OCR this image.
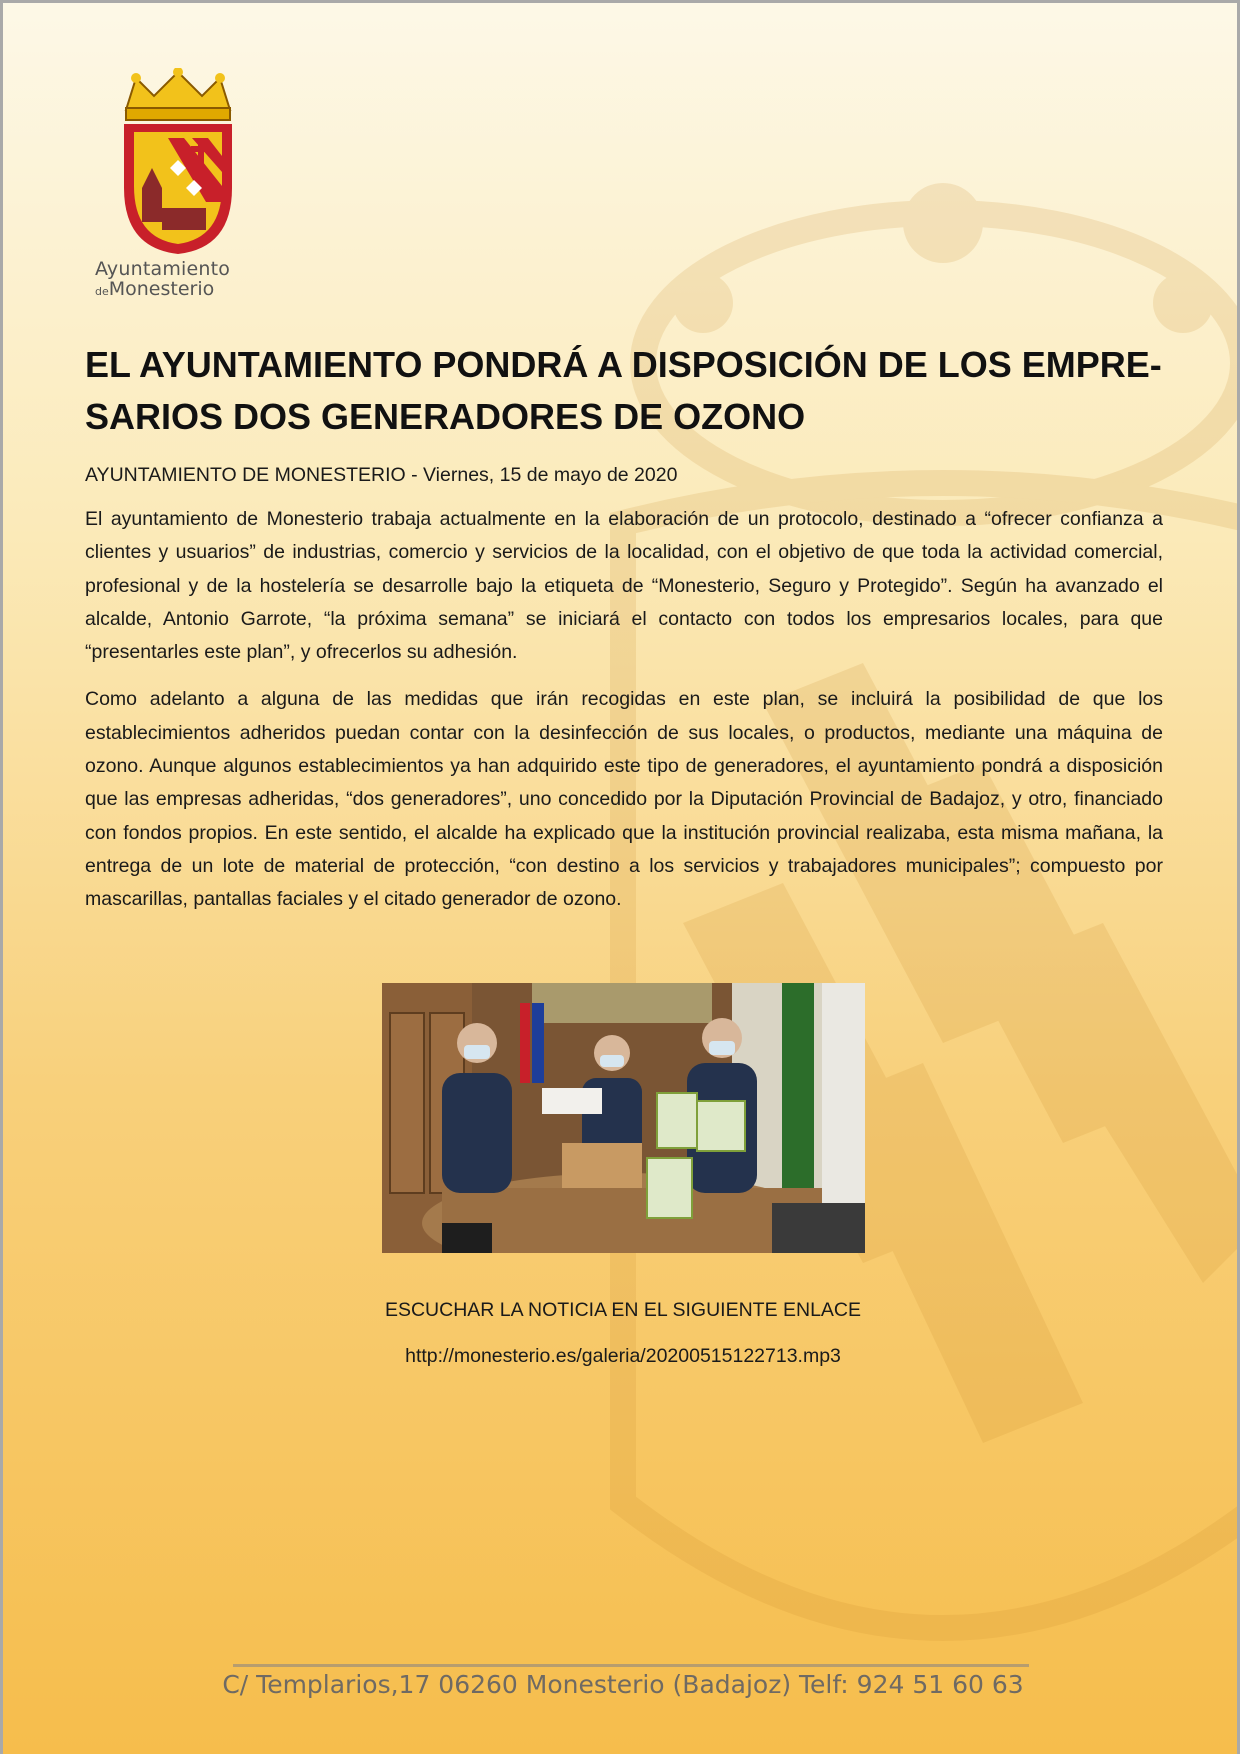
Ayuntamiento
deMonesterio
EL AYUNTAMIENTO PONDRÁ A DISPOSICIÓN DE LOS EMPRESARIOS DOS GENERADORES DE OZONO
AYUNTAMIENTO DE MONESTERIO - Viernes, 15 de mayo de 2020

El ayuntamiento de Monesterio trabaja actualmente en la elaboración de un protocolo, destinado a “ofrecer confianza a clientes y usuarios” de industrias, comercio y servicios de la localidad, con el objetivo de que toda la actividad comercial, profesional y de la hostelería se desarrolle bajo la etiqueta de “Monesterio, Seguro y Protegido”. Según ha avanzado el alcalde, Antonio Garrote, “la próxima semana” se iniciará el contacto con todos los empresarios locales, para que “presentarles este plan”, y ofrecerlos su adhesión.

Como adelanto a alguna de las medidas que irán recogidas en este plan, se incluirá la posibilidad de que los establecimientos adheridos puedan contar con la desinfección de sus locales, o productos, mediante una máquina de ozono. Aunque algunos establecimientos ya han adquirido este tipo de generadores, el ayuntamiento pondrá a disposición que las empresas adheridas, “dos generadores”, uno concedido por la Diputación Provincial de Badajoz, y otro, financiado con fondos propios. En este sentido, el alcalde ha explicado que la institución provincial realizaba, esta misma mañana, la entrega de un lote de material de protección, “con destino a los servicios y trabajadores municipales”; compuesto por mascarillas, pantallas faciales y el citado generador de ozono.

ESCUCHAR LA NOTICIA EN EL SIGUIENTE ENLACE
http://monesterio.es/galeria/20200515122713.mp3
C/ Templarios,17 06260 Monesterio (Badajoz) Telf: 924 51 60 63
